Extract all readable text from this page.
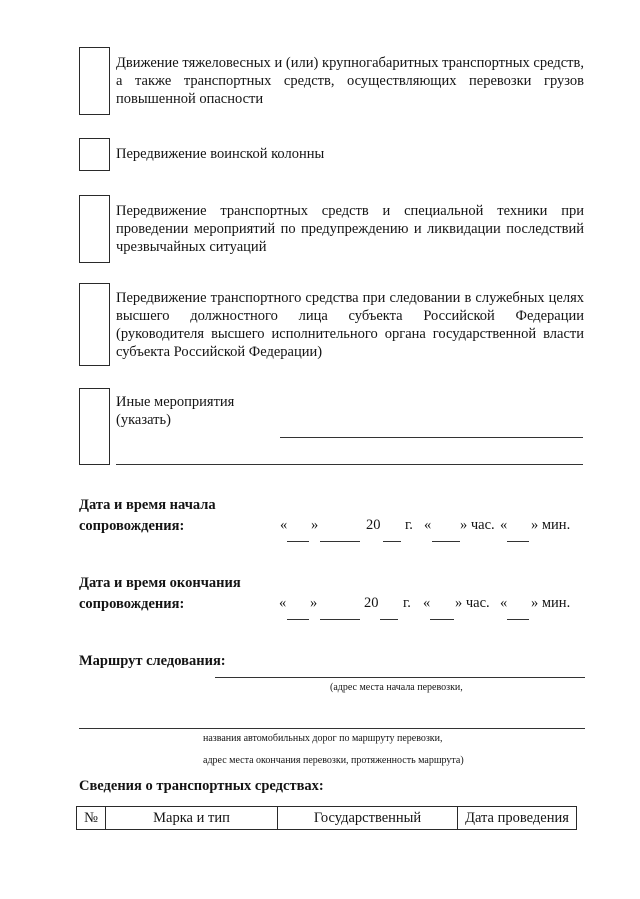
Движение тяжеловесных и (или) крупногабаритных транспортных средств, а также транспортных средств, осуществляющих перевозки грузов повышенной опасности
Передвижение воинской колонны
Передвижение транспортных средств и специальной техники при проведении мероприятий по предупреждению и ликвидации последствий чрезвычайных ситуаций
Передвижение транспортного средства при следовании в служебных целях высшего должностного лица субъекта Российской Федерации (руководителя высшего исполнительного органа государственной власти субъекта Российской Федерации)
Иные мероприятия
(указать)
Дата и время начала
сопровождения:	« »	20 г. « » час. « » мин.
Дата и время окончания
сопровождения:	« »	20 г. « » час. « » мин.
Маршрут следования:
(адрес места начала перевозки,
названия автомобильных дорог по маршруту перевозки,
адрес места окончания перевозки, протяженность маршрута)
Сведения о транспортных средствах:
№	Марка и тип	Государственный	Дата проведения
